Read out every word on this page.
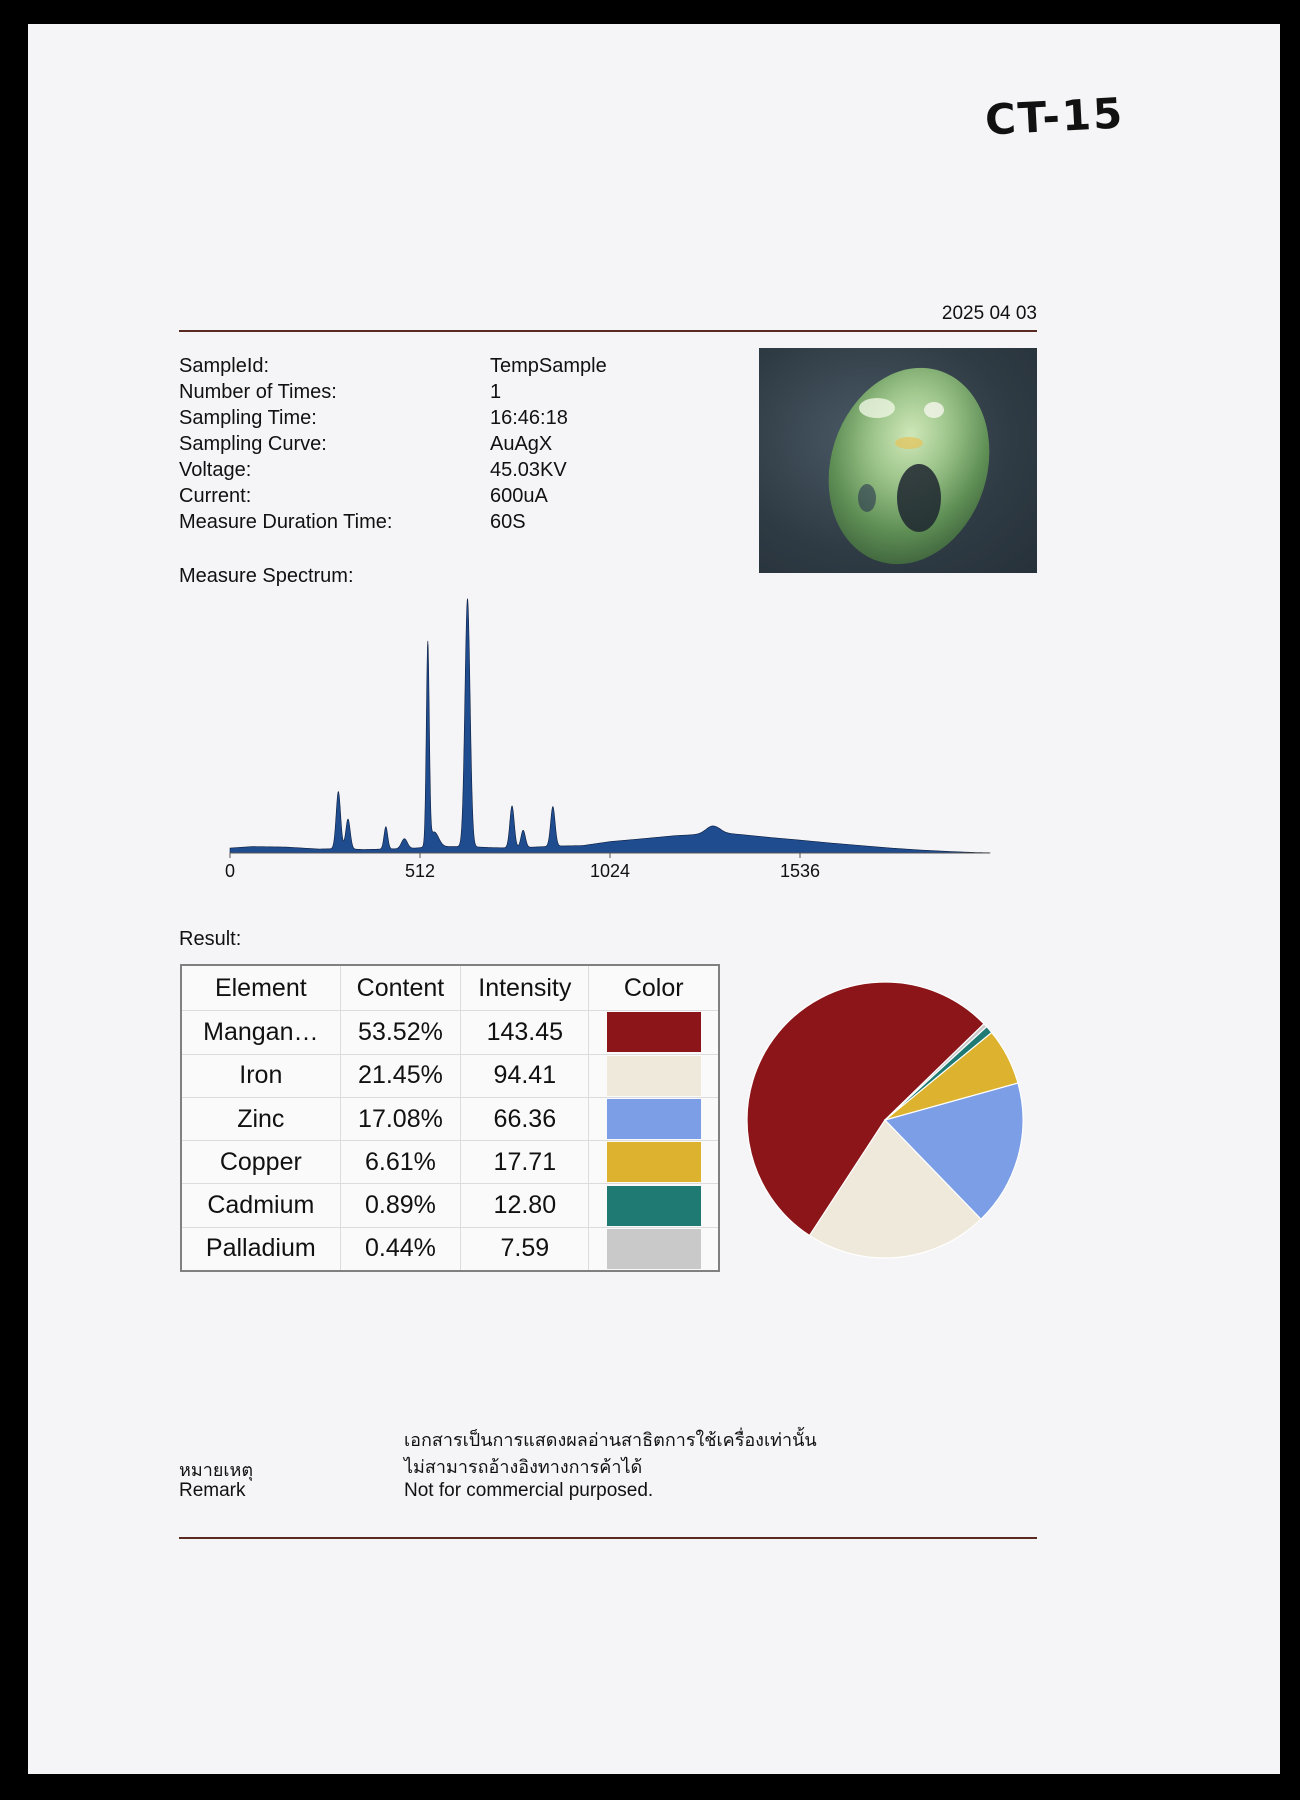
CT-15
2025 04 03
SampleId:	TempSample
Number of Times:	1
Sampling Time:	16:46:18
Sampling Curve:	AuAgX
Voltage:	45.03KV
Current:	600uA
Measure Duration Time:	60S
Measure Spectrum:
0	512	1024	1536
Result:
Element	Content	Intensity	Color
Mangan…	53.52%	143.45	

Iron	21.45%	94.41	

Zinc	17.08%	66.36	

Copper	6.61%	17.71	

Cadmium	0.89%	12.80	

Palladium	0.44%	7.59	
เอกสารเป็นการแสดงผลอ่านสาธิตการใช้เครื่องเท่านั้น
ไม่สามารถอ้างอิงทางการค้าได้
หมายเหตุ
Remark	Not for commercial purposed.
